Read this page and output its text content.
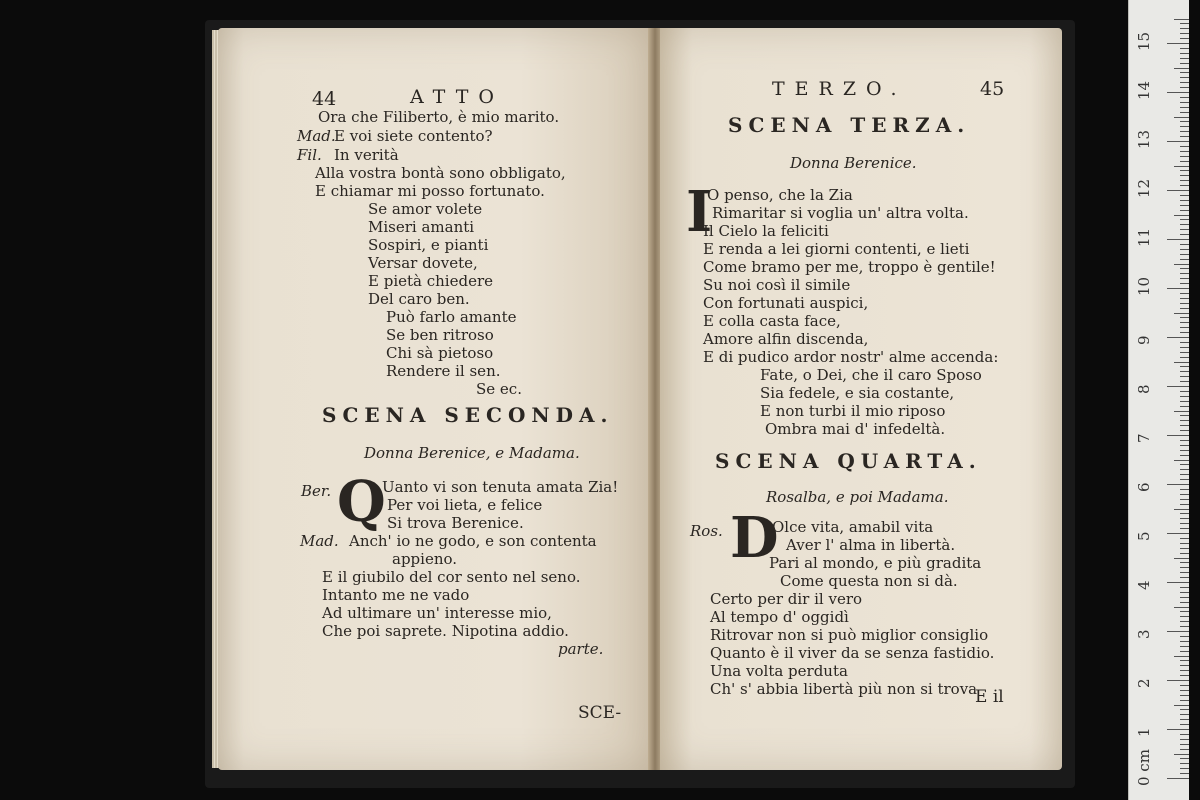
44	ATTO
Ora che Filiberto, è mio marito.
Mad.
E voi siete contento?
Fil. In verità
Alla vostra bontà sono obbligato,
E chiamar mi posso fortunato.
Se amor volete
Miseri amanti
Sospiri, e pianti
Versar dovete,
E pietà chiedere
Del caro ben.
Può farlo amante
Se ben ritroso
Chi sà pietoso
Rendere il sen.
Se ec.
SCENA SECONDA.
Donna Berenice, e Madama.
Ber. Q
Uanto vi son tenuta amata Zia!
Per voi lieta, e felice
Si trova Berenice.
Mad. Anch' io ne godo, e son contenta
appieno.
E il giubilo del cor sento nel seno.
Intanto me ne vado
Ad ultimare un' interesse mio,
Che poi saprete. Nipotina addio.
parte.
SCE-
TERZO.	45
SCENA TERZA.
Donna Berenice.
I
O penso, che la Zia
Rimaritar si voglia un' altra volta.
Il Cielo la feliciti
E renda a lei giorni contenti, e lieti
Come bramo per me, troppo è gentile!
Su noi così il simile
Con fortunati auspici,
E colla casta face,
Amore alfin discenda,
E di pudico ardor nostr' alme accenda:
Fate, o Dei, che il caro Sposo
Sia fedele, e sia costante,
E non turbi il mio riposo
Ombra mai d' infedeltà.
SCENA QUARTA.
Rosalba, e poi Madama.
Ros. D
Olce vita, amabil vita
Aver l' alma in libertà.
Pari al mondo, e più gradita
Come questa non si dà.
Certo per dir il vero
Al tempo d' oggidì
Ritrovar non si può miglior consiglio
Quanto è il viver da se senza fastidio.
Una volta perduta
Ch' s' abbia libertà più non si trova
E il
0 cm
1
2
3
4
5
6
7
8
9
10
11
12
13
14
15
